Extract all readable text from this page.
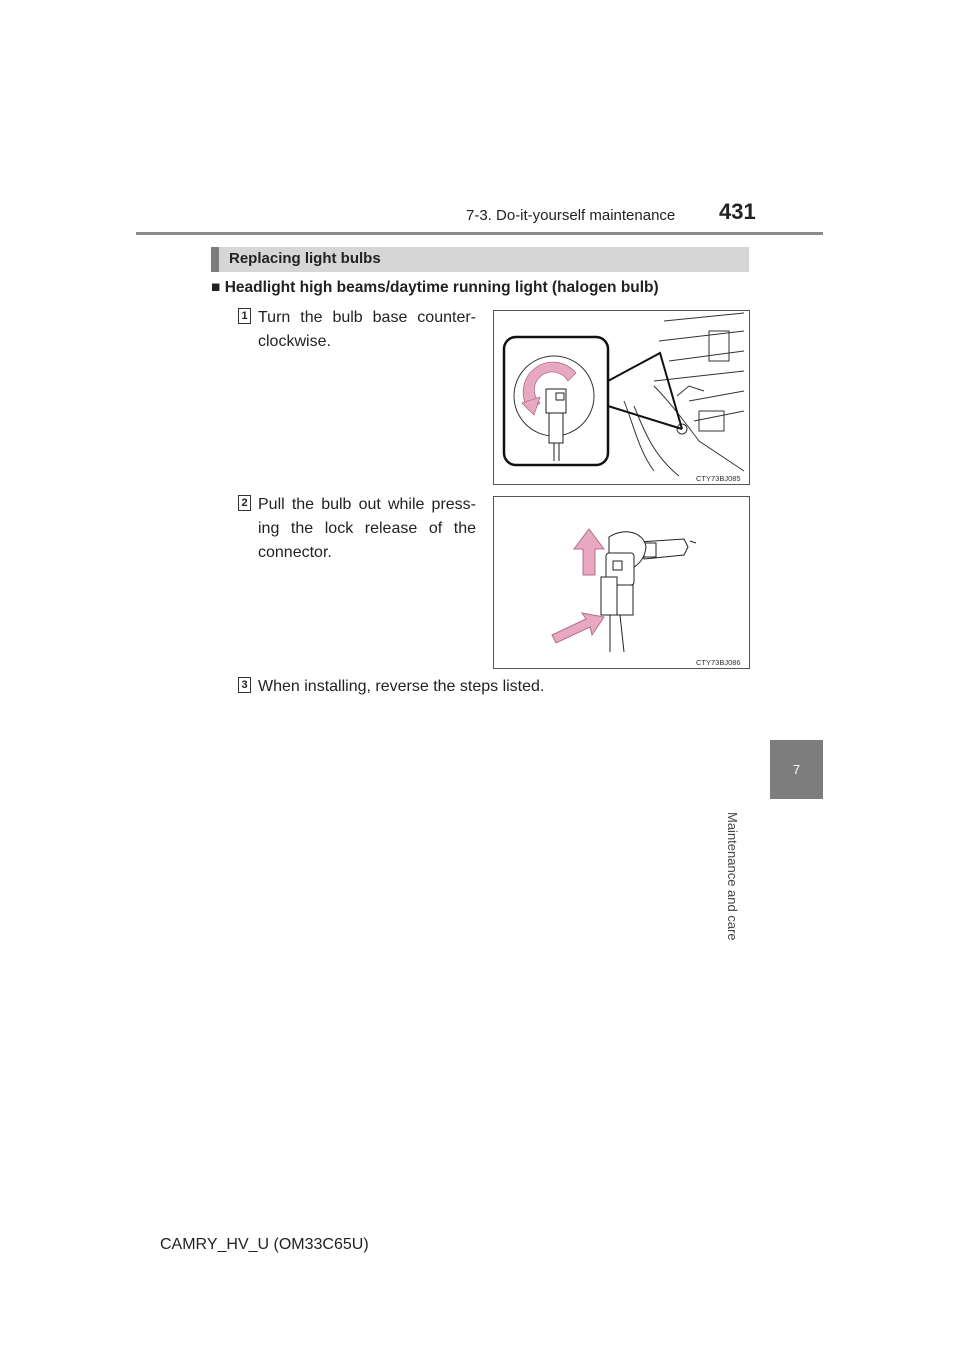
7-3. Do-it-yourself maintenance 431
7
Maintenance and care
Replacing light bulbs
■ Headlight high beams/daytime running light (halogen bulb)
1 Turn the bulb base counter-clockwise.
CTY73BJ085
2 Pull the bulb out while press-ing the lock release of the connector.
CTY73BJ086
3 When installing, reverse the steps listed.
CAMRY_HV_U (OM33C65U)
